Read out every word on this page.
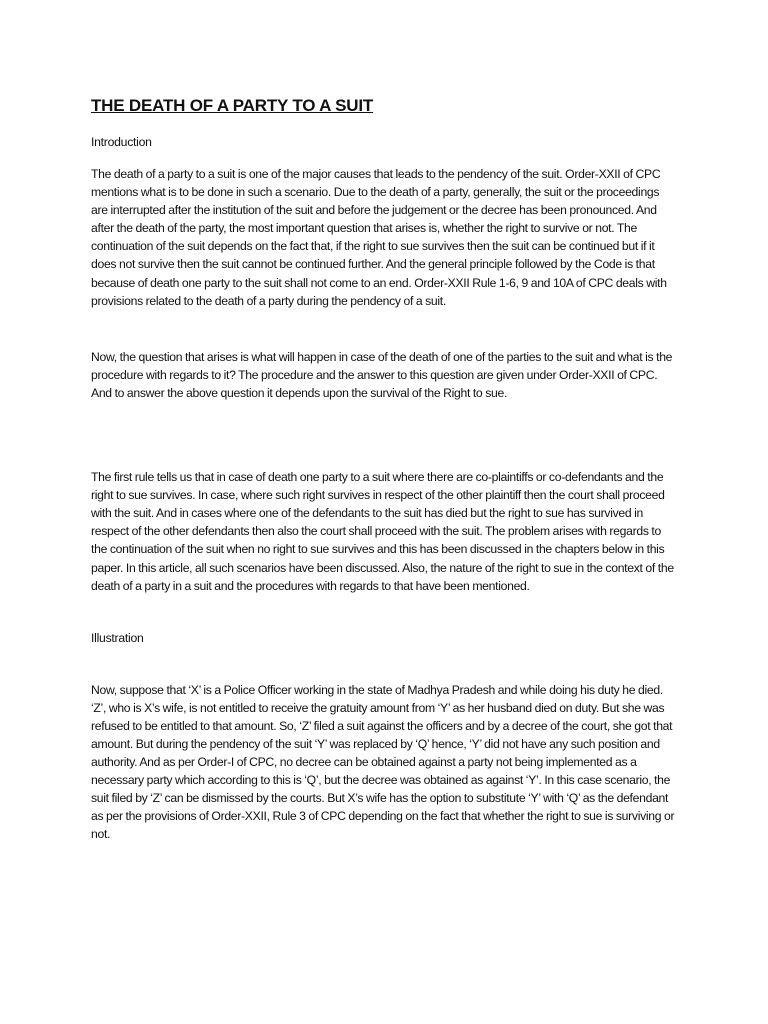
THE DEATH OF A PARTY TO A SUIT

Introduction

The death of a party to a suit is one of the major causes that leads to the pendency of the suit. Order-XXII of CPC mentions what is to be done in such a scenario. Due to the death of a party, generally, the suit or the proceedings are interrupted after the institution of the suit and before the judgement or the decree has been pronounced. And after the death of the party, the most important question that arises is, whether the right to survive or not. The continuation of the suit depends on the fact that, if the right to sue survives then the suit can be continued but if it does not survive then the suit cannot be continued further. And the general principle followed by the Code is that because of death one party to the suit shall not come to an end. Order-XXII Rule 1-6, 9 and 10A of CPC deals with provisions related to the death of a party during the pendency of a suit.

Now, the question that arises is what will happen in case of the death of one of the parties to the suit and what is the procedure with regards to it? The procedure and the answer to this question are given under Order-XXII of CPC. And to answer the above question it depends upon the survival of the Right to sue.

The first rule tells us that in case of death one party to a suit where there are co-plaintiffs or co-defendants and the right to sue survives. In case, where such right survives in respect of the other plaintiff then the court shall proceed with the suit. And in cases where one of the defendants to the suit has died but the right to sue has survived in respect of the other defendants then also the court shall proceed with the suit. The problem arises with regards to the continuation of the suit when no right to sue survives and this has been discussed in the chapters below in this paper. In this article, all such scenarios have been discussed. Also, the nature of the right to sue in the context of the death of a party in a suit and the procedures with regards to that have been mentioned.

Illustration

Now, suppose that ‘X’ is a Police Officer working in the state of Madhya Pradesh and while doing his duty he died. ‘Z’, who is X’s wife, is not entitled to receive the gratuity amount from ‘Y’ as her husband died on duty. But she was refused to be entitled to that amount. So, ‘Z’ filed a suit against the officers and by a decree of the court, she got that amount. But during the pendency of the suit ‘Y’ was replaced by ‘Q’ hence, ‘Y’ did not have any such position and authority. And as per Order-I of CPC, no decree can be obtained against a party not being implemented as a necessary party which according to this is ‘Q’, but the decree was obtained as against ‘Y’. In this case scenario, the suit filed by ‘Z’ can be dismissed by the courts. But X’s wife has the option to substitute ‘Y’ with ‘Q’ as the defendant as per the provisions of Order-XXII, Rule 3 of CPC depending on the fact that whether the right to sue is surviving or not.
